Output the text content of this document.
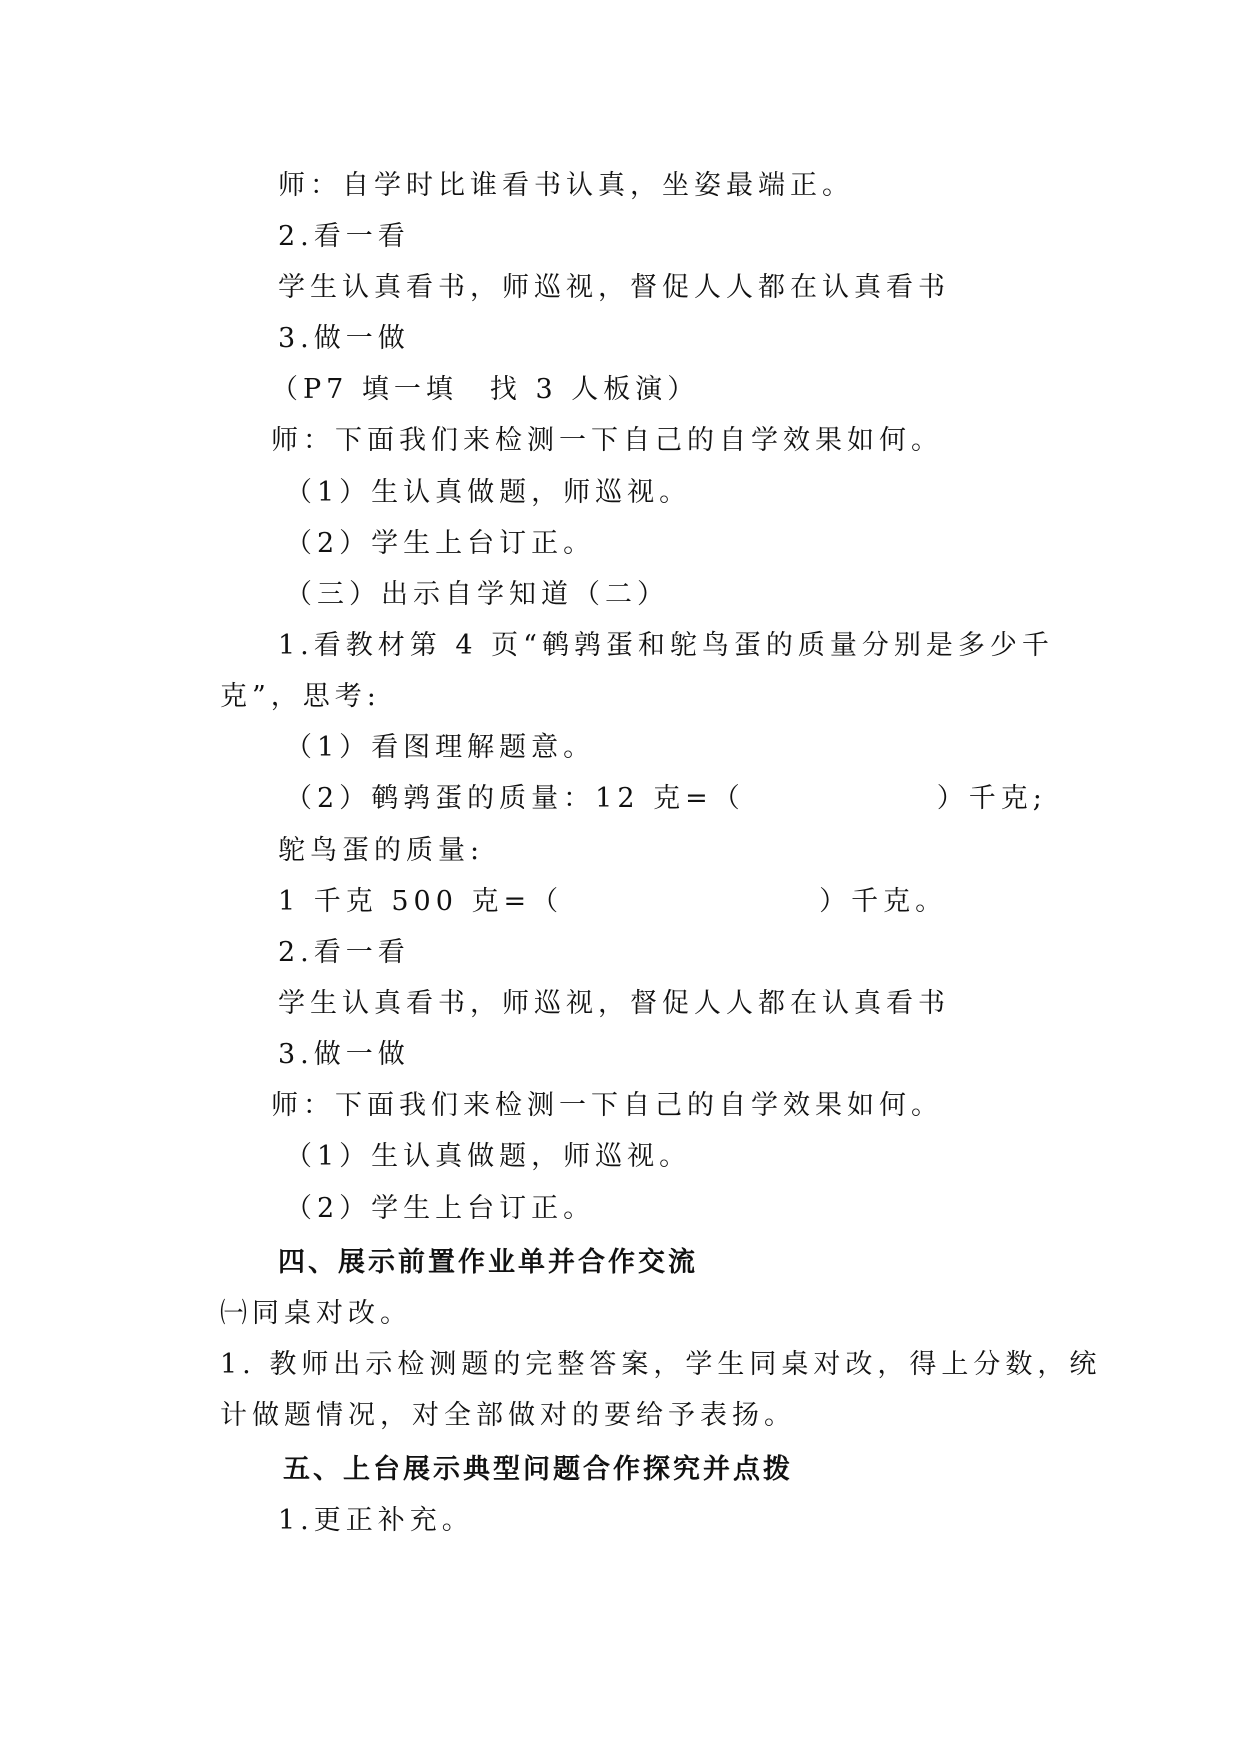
师：自学时比谁看书认真，坐姿最端正。
2.看一看
学生认真看书，师巡视，督促人人都在认真看书
3.做一做
（P7 填一填　找 3 人板演）
师：下面我们来检测一下自己的自学效果如何。
（1）生认真做题，师巡视。
（2）学生上台订正。
（三）出示自学知道（二）
1.看教材第 4 页“鹌鹑蛋和鸵鸟蛋的质量分别是多少千
克”，思考:
（1）看图理解题意。
（2）鹌鹑蛋的质量：12 克=（　　　　　　）千克;
鸵鸟蛋的质量:
1 千克 500 克=（　　　　　　　　）千克。
2.看一看
学生认真看书，师巡视，督促人人都在认真看书
3.做一做
师：下面我们来检测一下自己的自学效果如何。
（1）生认真做题，师巡视。
（2）学生上台订正。
四、展示前置作业单并合作交流
㈠同桌对改。
1. 教师出示检测题的完整答案，学生同桌对改，得上分数，统
计做题情况，对全部做对的要给予表扬。
五、上台展示典型问题合作探究并点拨
1.更正补充。
